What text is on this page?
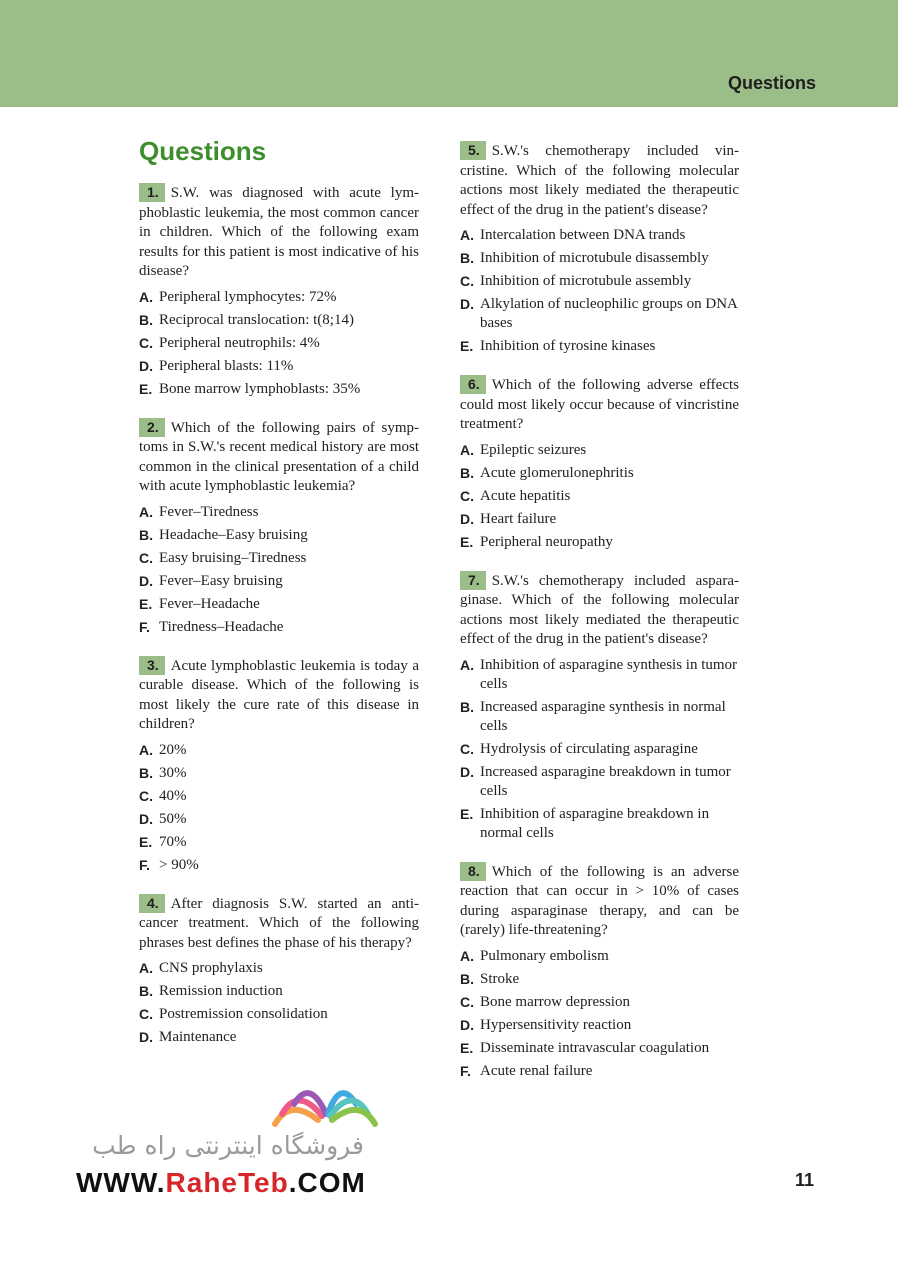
Questions
Questions

1. S.W. was diagnosed with acute lymphoblastic leukemia, the most common cancer in children. Which of the following exam results for this patient is most indicative of his disease?

A. Peripheral lymphocytes: 72%
B. Reciprocal translocation: t(8;14)
C. Peripheral neutrophils: 4%
D. Peripheral blasts: 11%
E. Bone marrow lymphoblasts: 35%

2. Which of the following pairs of symptoms in S.W.'s recent medical history are most common in the clinical presentation of a child with acute lymphoblastic leukemia?

A. Fever–Tiredness
B. Headache–Easy bruising
C. Easy bruising–Tiredness
D. Fever–Easy bruising
E. Fever–Headache
F. Tiredness–Headache

3. Acute lymphoblastic leukemia is today a curable disease. Which of the following is most likely the cure rate of this disease in children?

A. 20%
B. 30%
C. 40%
D. 50%
E. 70%
F. > 90%

4. After diagnosis S.W. started an anticancer treatment. Which of the following phrases best defines the phase of his therapy?

A. CNS prophylaxis
B. Remission induction
C. Postremission consolidation
D. Maintenance

5. S.W.'s chemotherapy included vincristine. Which of the following molecular actions most likely mediated the therapeutic effect of the drug in the patient's disease?

A. Intercalation between DNA trands
B. Inhibition of microtubule disassembly
C. Inhibition of microtubule assembly
D. Alkylation of nucleophilic groups on DNA bases
E. Inhibition of tyrosine kinases

6. Which of the following adverse effects could most likely occur because of vincristine treatment?

A. Epileptic seizures
B. Acute glomerulonephritis
C. Acute hepatitis
D. Heart failure
E. Peripheral neuropathy

7. S.W.'s chemotherapy included asparaginase. Which of the following molecular actions most likely mediated the therapeutic effect of the drug in the patient's disease?

A. Inhibition of asparagine synthesis in tumor cells
B. Increased asparagine synthesis in normal cells
C. Hydrolysis of circulating asparagine
D. Increased asparagine breakdown in tumor cells
E. Inhibition of asparagine breakdown in normal cells

8. Which of the following is an adverse reaction that can occur in > 10% of cases during asparaginase therapy, and can be (rarely) life-threatening?

A. Pulmonary embolism
B. Stroke
C. Bone marrow depression
D. Hypersensitivity reaction
E. Disseminate intravascular coagulation
F. Acute renal failure
فروشگاه اینترنتی راه طب
WWW.RaheTeb.COM	11
